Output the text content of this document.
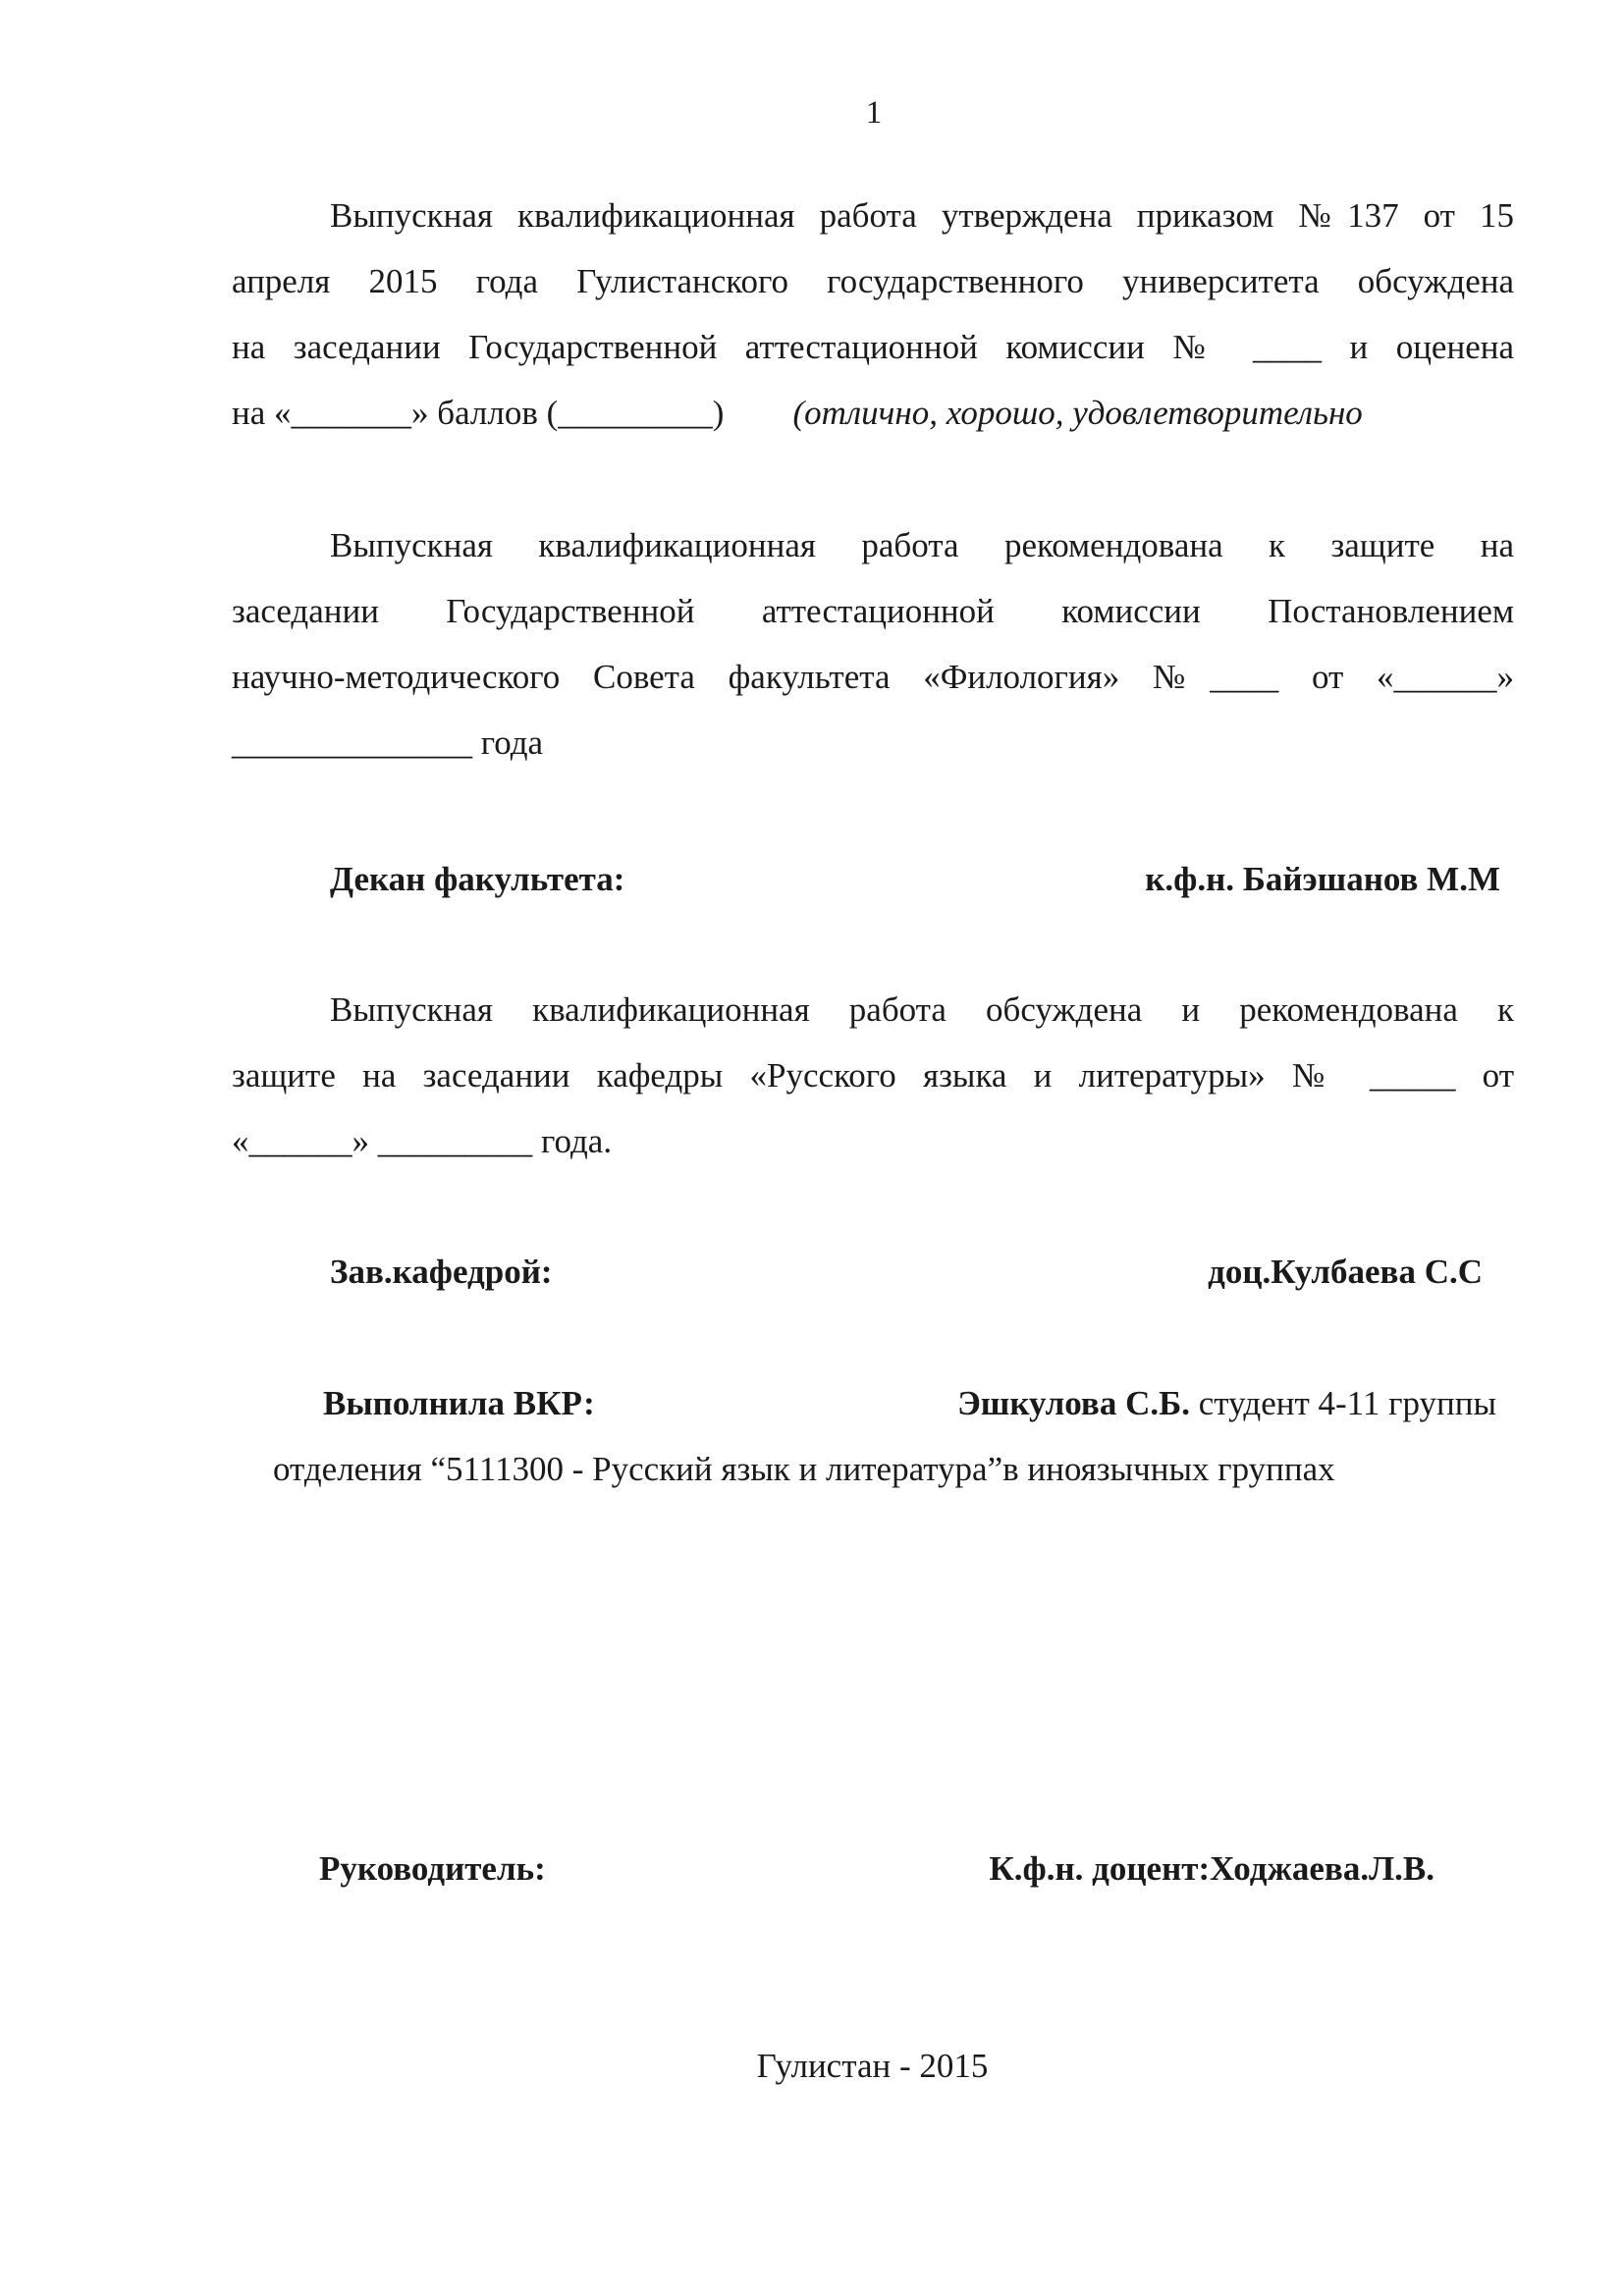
1
Выпускная квалификационная работа утверждена приказом №137 от 15
апреля 2015 года Гулистанского государственного университета обсуждена
на заседании Государственной аттестационной комиссии № ____ и оценена
на «_______» баллов (_________) (отлично, хорошо, удовлетворительно
Выпускная квалификационная работа рекомендована к защите на
заседании Государственной аттестационной комиссии Постановлением
научно-методического Совета факультета «Филология» №____ от «______»
______________ года
Декан факультета:	к.ф.н. Байэшанов М.М
Выпускная квалификационная работа обсуждена и рекомендована к
защите на заседании кафедры «Русского языка и литературы» № _____ от
«______» _________ года.
Зав.кафедрой:	доц.Кулбаева С.С
Выполнила ВКР:	Эшкулова С.Б. студент 4-11 группы
отделения “5111300 - Русский язык и литература”в иноязычных группах
Руководитель:	К.ф.н. доцент:Ходжаева.Л.В.
Гулистан - 2015
